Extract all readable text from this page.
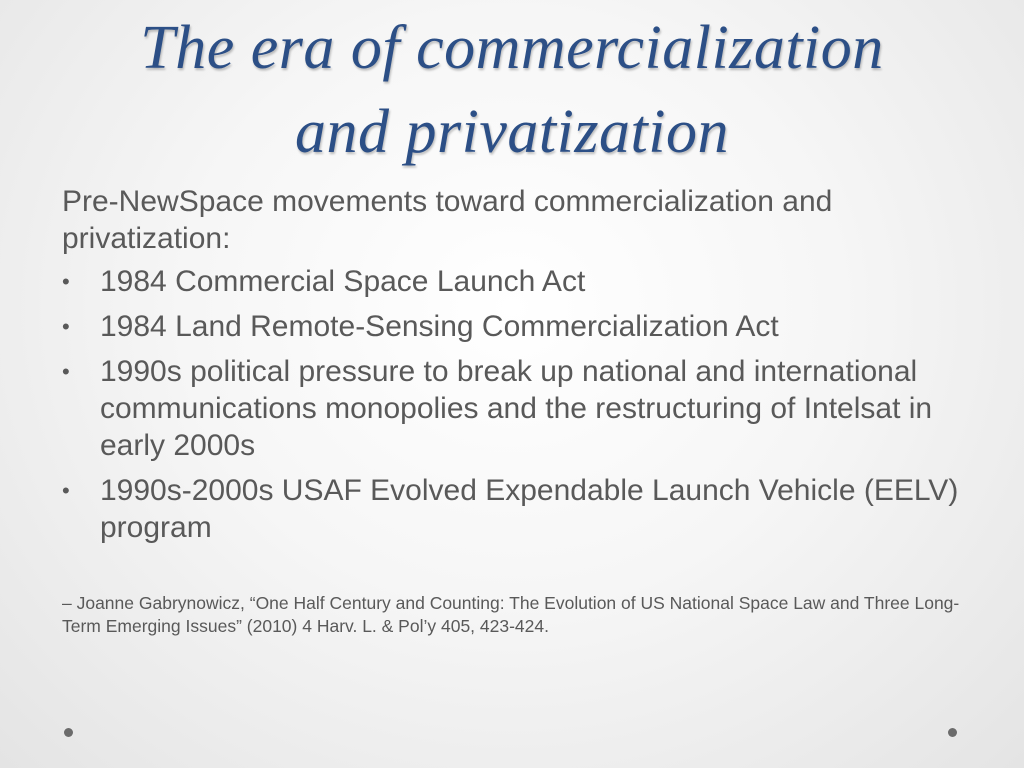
The era of commercialization
and privatization

Pre-NewSpace movements toward commercialization and privatization:

• 1984 Commercial Space Launch Act
• 1984 Land Remote-Sensing Commercialization Act
• 1990s political pressure to break up national and international communications monopolies and the restructuring of Intelsat in early 2000s
• 1990s-2000s USAF Evolved Expendable Launch Vehicle (EELV) program

– Joanne Gabrynowicz, “One Half Century and Counting: The Evolution of US National Space Law and Three Long-Term Emerging Issues” (2010) 4 Harv. L. & Pol’y 405, 423-424.
